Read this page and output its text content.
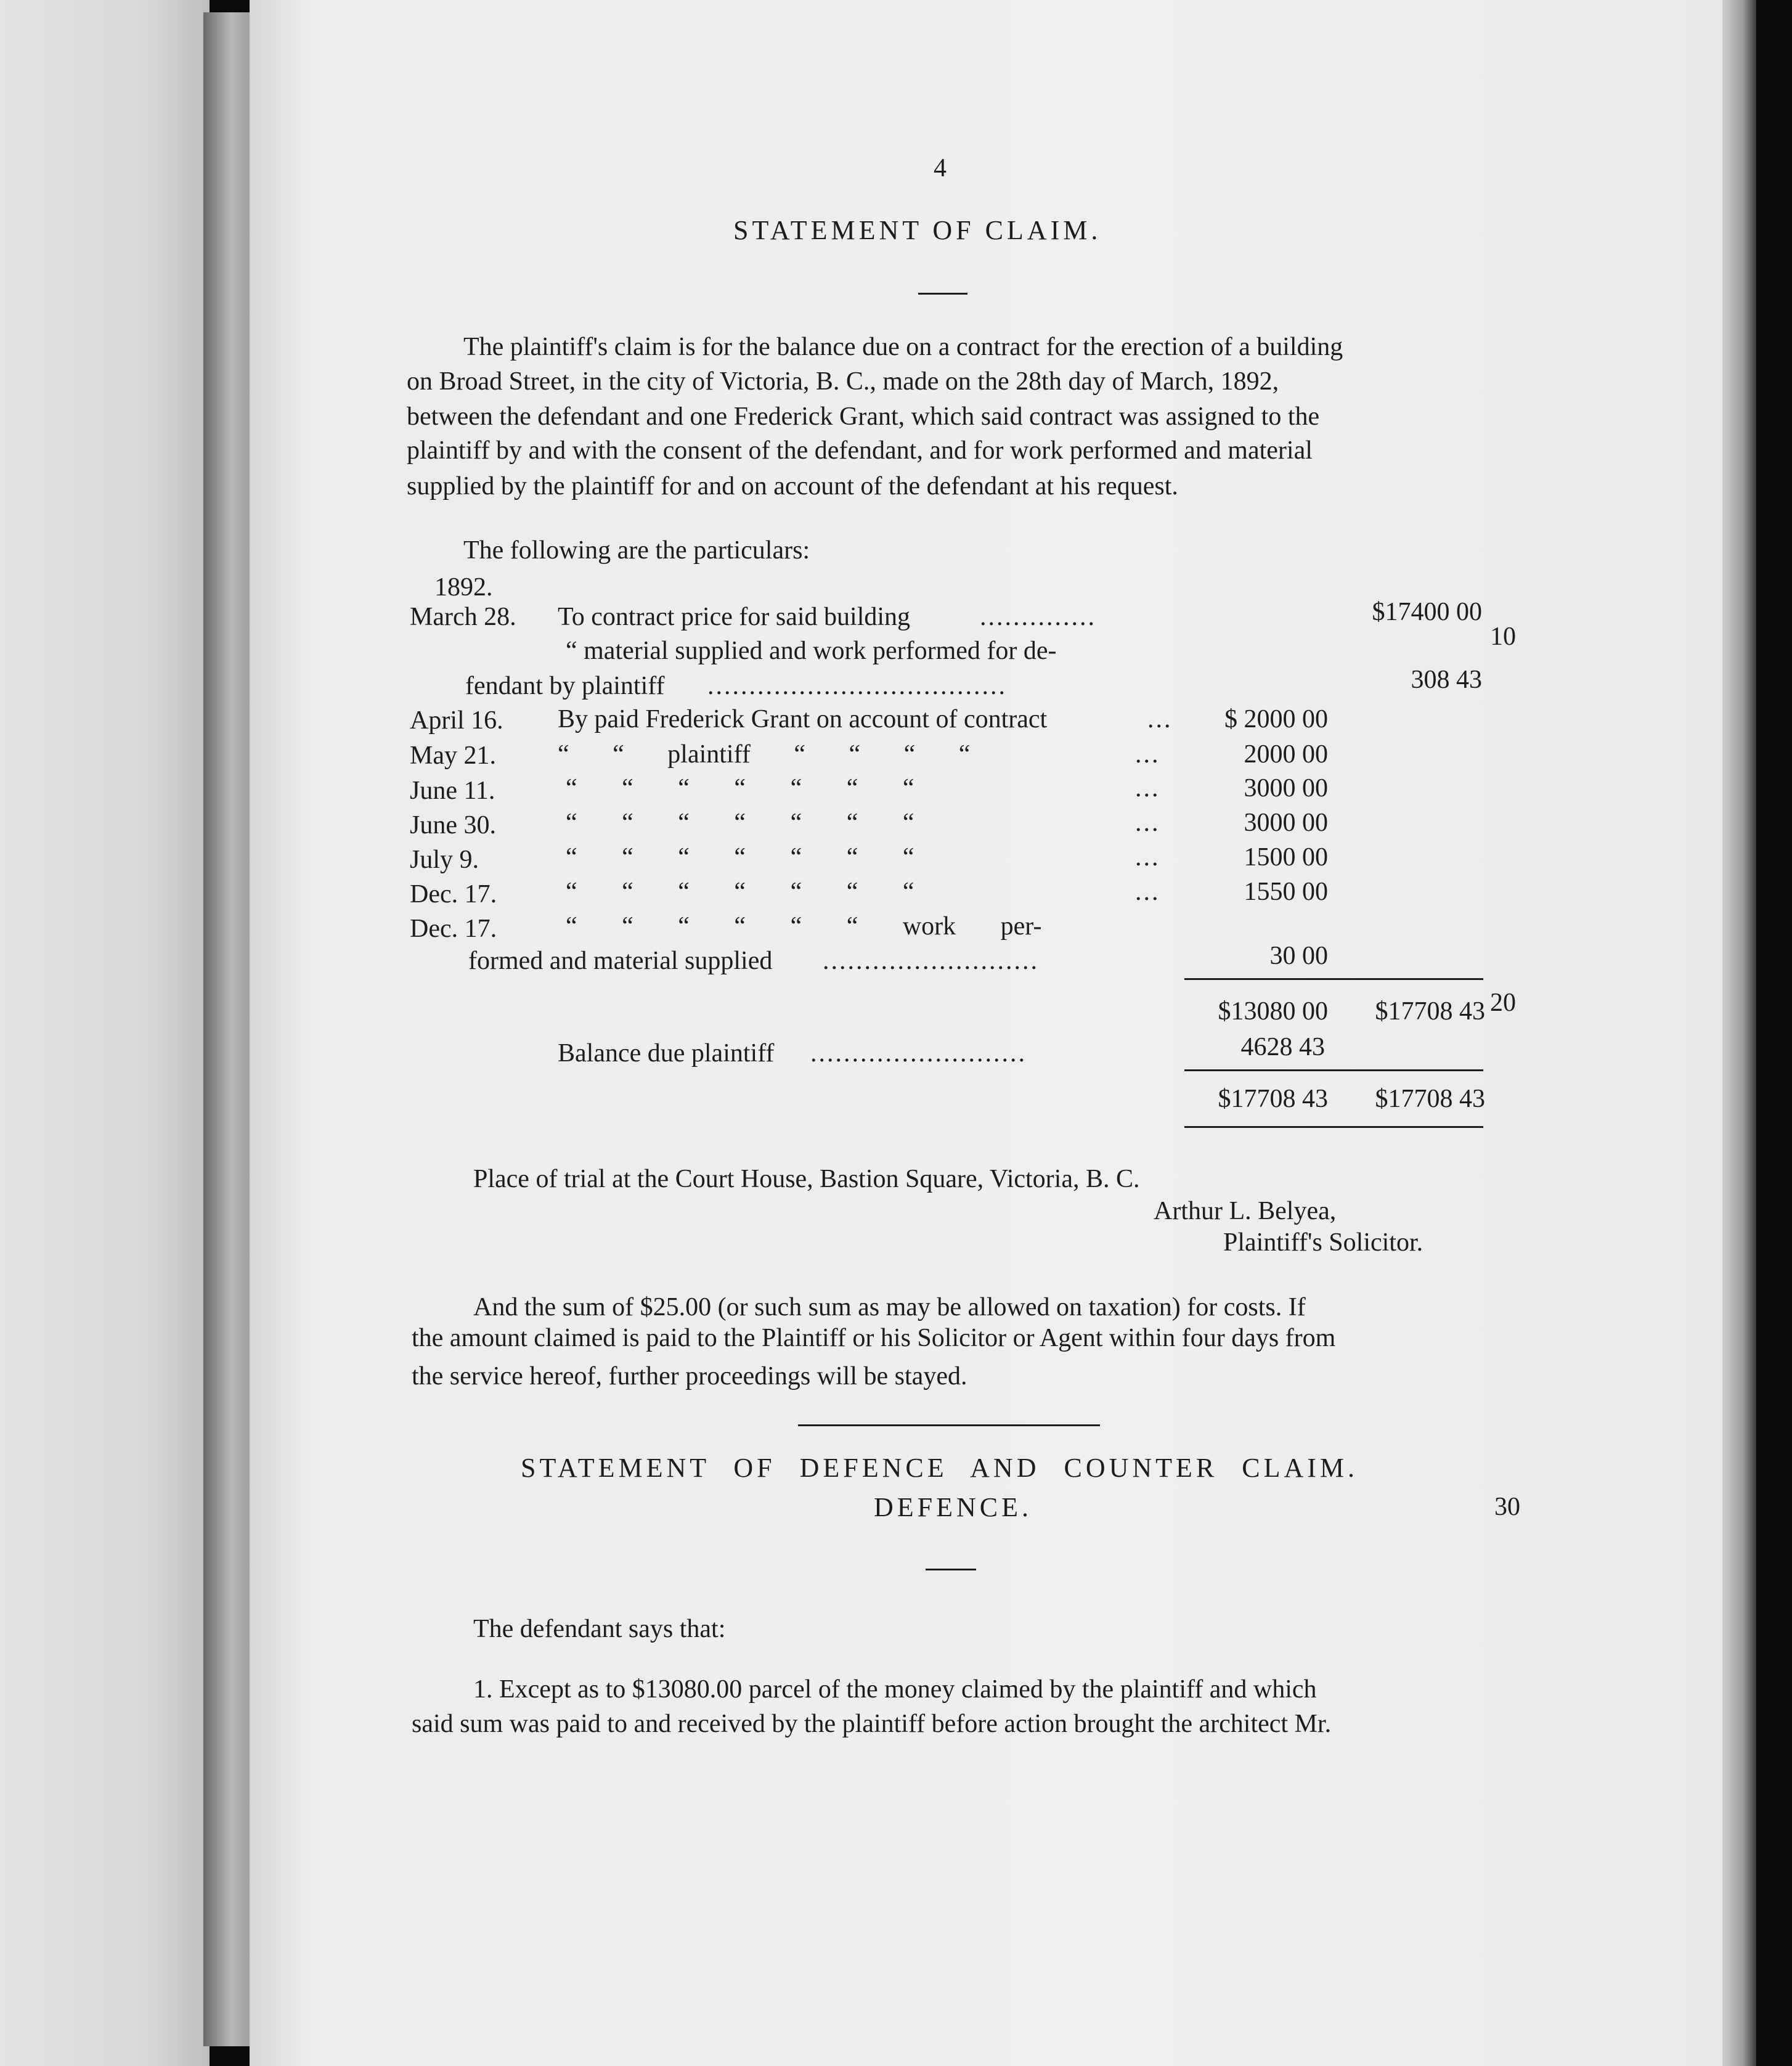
4
STATEMENT OF CLAIM.
The plaintiff's claim is for the balance due on a contract for the erection of a building
on Broad Street, in the city of Victoria, B. C., made on the 28th day of March, 1892,
between the defendant and one Frederick Grant, which said contract was assigned to the
plaintiff by and with the consent of the defendant, and for work performed and material
supplied by the plaintiff for and on account of the defendant at his request.
The following are the particulars:
1892.
March 28. To contract price for said building	..............	$17400 00
“ material supplied and work performed for de-
fendant by plaintiff ....................................	308 43
April 16. By paid Frederick Grant on account of contract	...	$ 2000 00
May 21. “ “ plaintiff “ “ “ “	...	2000 00
June 11.	“ “ “ “ “ “ “	...	3000 00
June 30.	“ “ “ “ “ “ “	...	3000 00
July 9.	“ “ “ “ “ “ “	...	1500 00
Dec. 17.	“ “ “ “ “ “ “	...	1550 00
Dec. 17.	“ “ “ “ “ “ work per-
formed and material supplied ..........................	30 00
$13080 00	$17708 43
Balance due plaintiff ..........................	4628 43
$17708 43	$17708 43
10
20
Place of trial at the Court House, Bastion Square, Victoria, B. C.
Arthur L. Belyea,
Plaintiff's Solicitor.
And the sum of $25.00 (or such sum as may be allowed on taxation) for costs. If
the amount claimed is paid to the Plaintiff or his Solicitor or Agent within four days from
the service hereof, further proceedings will be stayed.
STATEMENT OF DEFENCE AND COUNTER CLAIM.
DEFENCE.	30
The defendant says that:
1. Except as to $13080.00 parcel of the money claimed by the plaintiff and which
said sum was paid to and received by the plaintiff before action brought the architect Mr.
